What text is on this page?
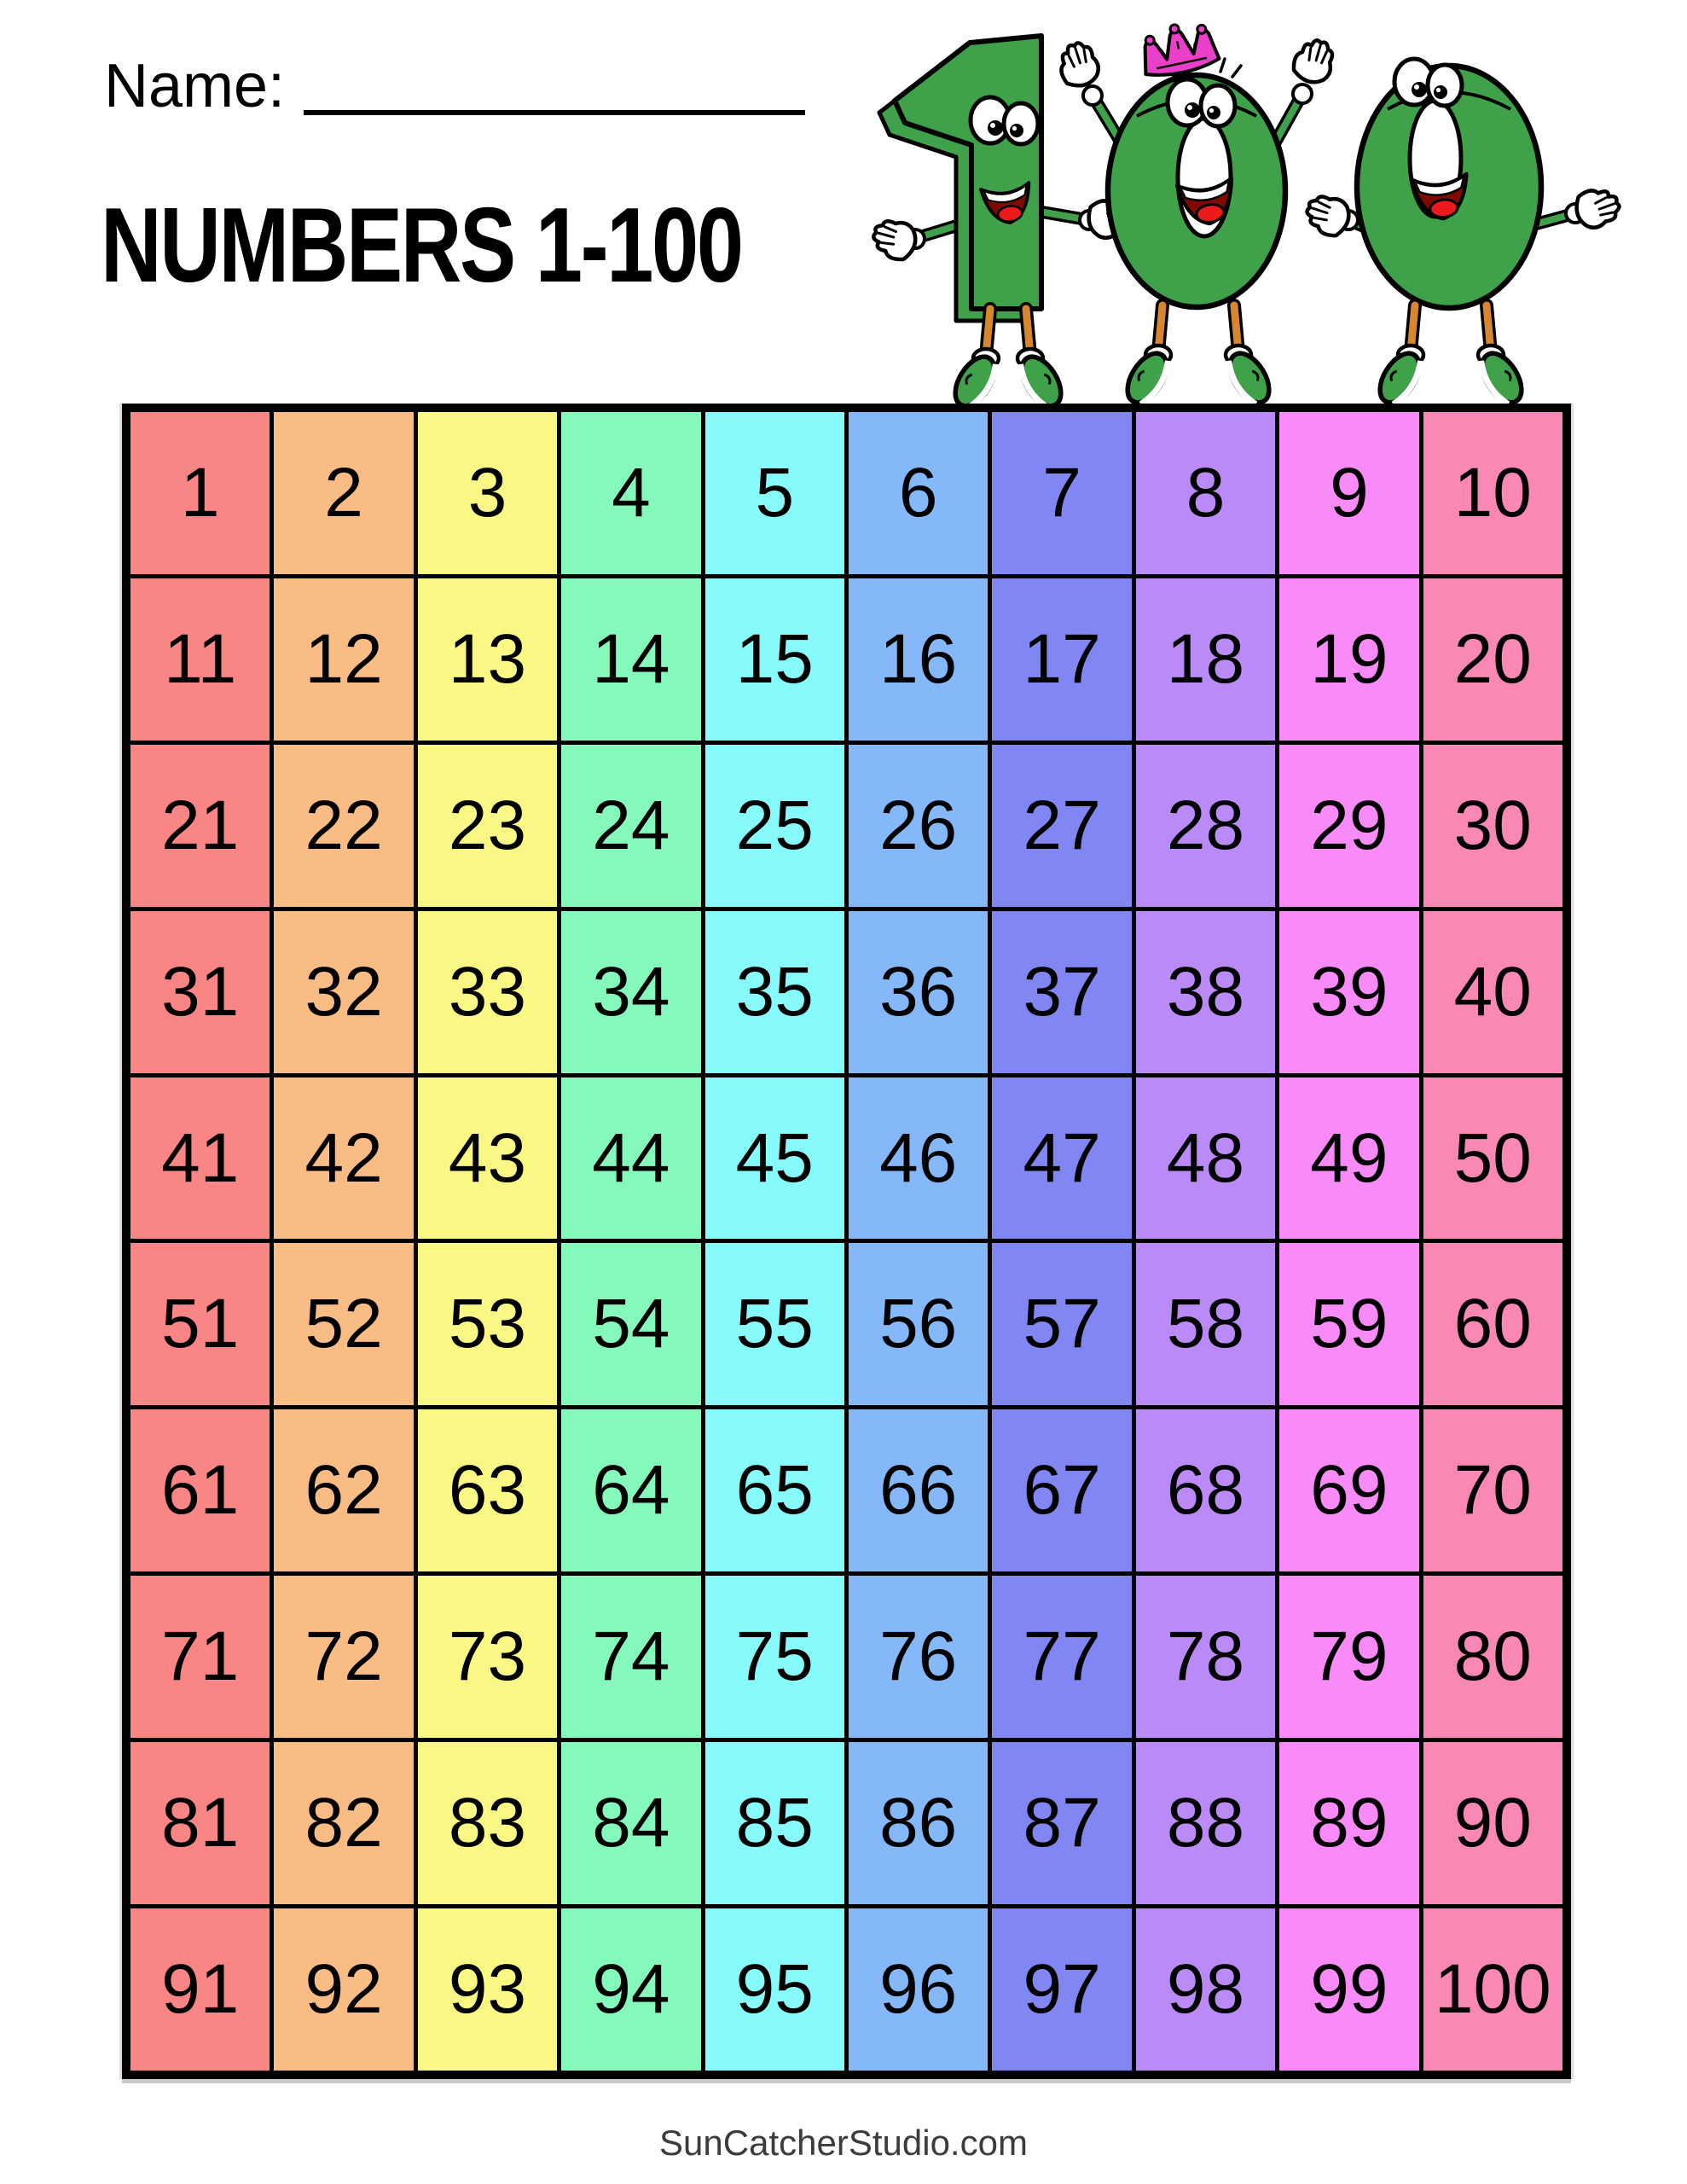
Name:
NUMBERS 1-100
1	2	3	4	5	6	7	8	9	10
11 12 13 14 15 16 17 18 19 20
21 22 23 24 25 26 27 28 29 30
31 32 33 34 35 36 37 38 39 40
41 42 43 44 45 46 47 48 49 50
51 52 53 54 55 56 57 58 59 60
61 62 63 64 65 66 67 68 69 70
71 72 73 74 75 76 77 78 79 80
81 82 83 84 85 86 87 88 89 90
91 92 93 94 95 96 97 98 99 100
SunCatcherStudio.com
